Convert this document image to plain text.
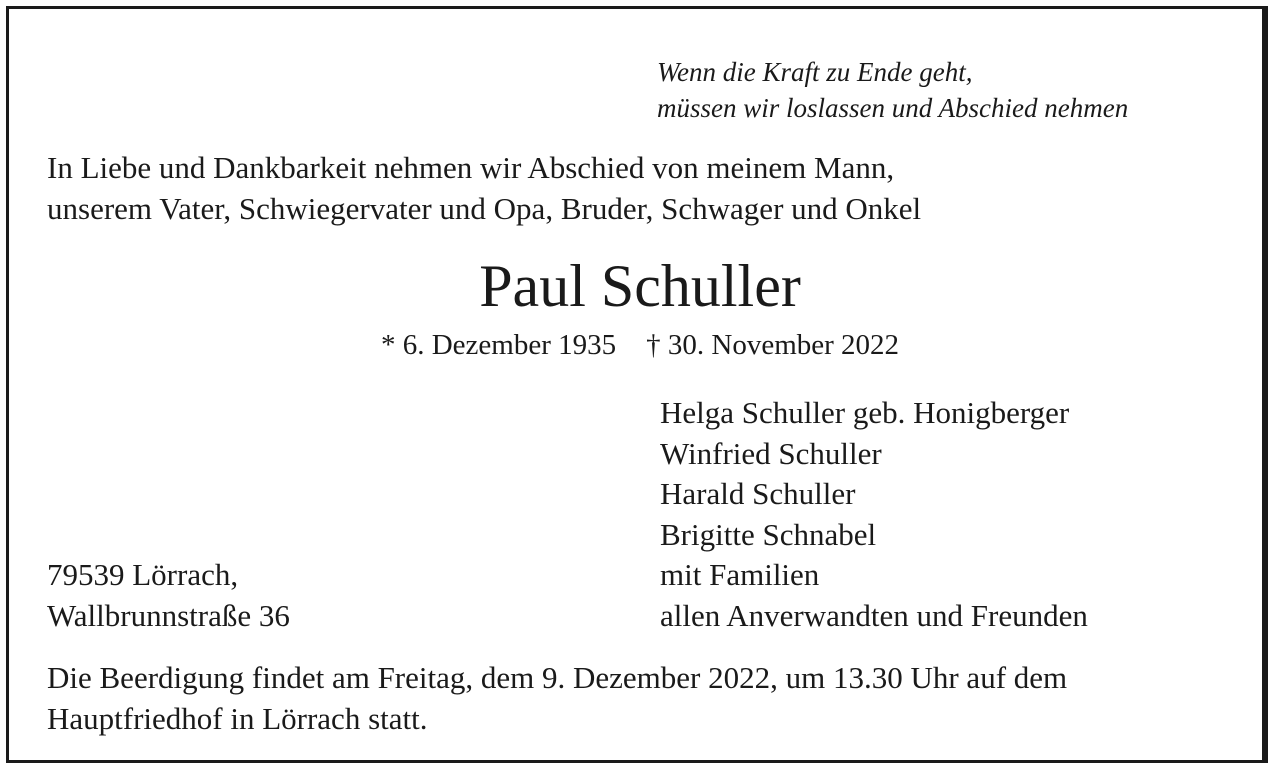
Wenn die Kraft zu Ende geht,
müssen wir loslassen und Abschied nehmen
In Liebe und Dankbarkeit nehmen wir Abschied von meinem Mann,
unserem Vater, Schwiegervater und Opa, Bruder, Schwager und Onkel
Paul Schuller
* 6. Dezember 1935 † 30. November 2022
Helga Schuller geb. Honigberger
Winfried Schuller
Harald Schuller
Brigitte Schnabel
mit Familien
allen Anverwandten und Freunden
79539 Lörrach,
Wallbrunnstraße 36
Die Beerdigung findet am Freitag, dem 9. Dezember 2022, um 13.30 Uhr auf dem
Hauptfriedhof in Lörrach statt.
